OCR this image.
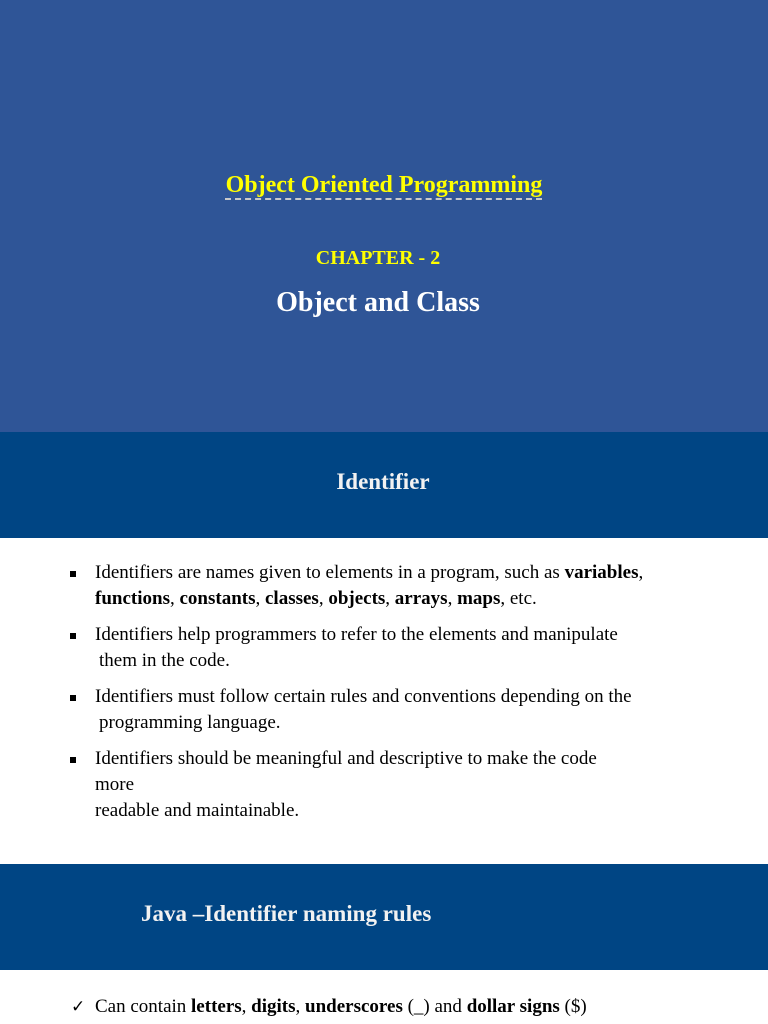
Object Oriented Programming
CHAPTER - 2
Object and Class
Identifier
Identifiers are names given to elements in a program, such as variables,
functions, constants, classes, objects, arrays, maps, etc.
Identifiers help programmers to refer to the elements and manipulate
them in the code.
Identifiers must follow certain rules and conventions depending on the
programming language.
Identifiers should be meaningful and descriptive to make the code
more
readable and maintainable.
Java –Identifier naming rules
✓ Can contain letters, digits, underscores (_) and dollar signs ($)
